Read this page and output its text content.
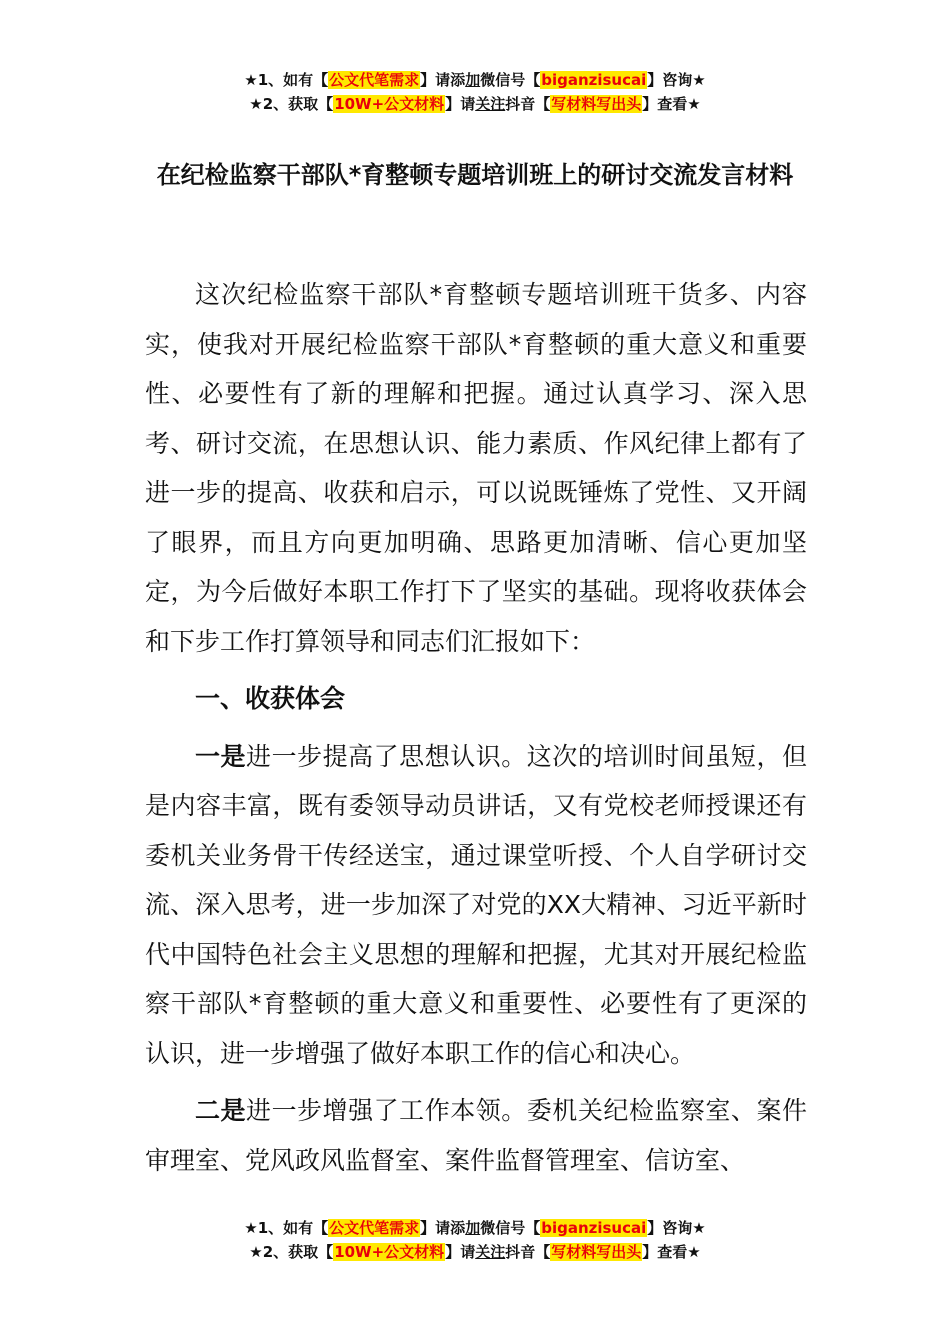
★1、如有【公文代笔需求】请添加微信号【biganzisucai】咨询★
★2、获取【10W+公文材料】请关注抖音【写材料写出头】查看★
在纪检监察干部队*育整顿专题培训班上的研讨交流发言材料

这次纪检监察干部队*育整顿专题培训班干货多、内容实，使我对开展纪检监察干部队*育整顿的重大意义和重要性、必要性有了新的理解和把握。通过认真学习、深入思考、研讨交流，在思想认识、能力素质、作风纪律上都有了进一步的提高、收获和启示，可以说既锤炼了党性、又开阔了眼界，而且方向更加明确、思路更加清晰、信心更加坚定，为今后做好本职工作打下了坚实的基础。现将收获体会和下步工作打算领导和同志们汇报如下：

一、收获体会

一是进一步提高了思想认识。这次的培训时间虽短，但是内容丰富，既有委领导动员讲话，又有党校老师授课还有委机关业务骨干传经送宝，通过课堂听授、个人自学研讨交流、深入思考，进一步加深了对党的XX大精神、习近平新时代中国特色社会主义思想的理解和把握，尤其对开展纪检监察干部队*育整顿的重大意义和重要性、必要性有了更深的认识，进一步增强了做好本职工作的信心和决心。

二是进一步增强了工作本领。委机关纪检监察室、案件审理室、党风政风监督室、案件监督管理室、信访室、

★1、如有【公文代笔需求】请添加微信号【biganzisucai】咨询★
★2、获取【10W+公文材料】请关注抖音【写材料写出头】查看★
